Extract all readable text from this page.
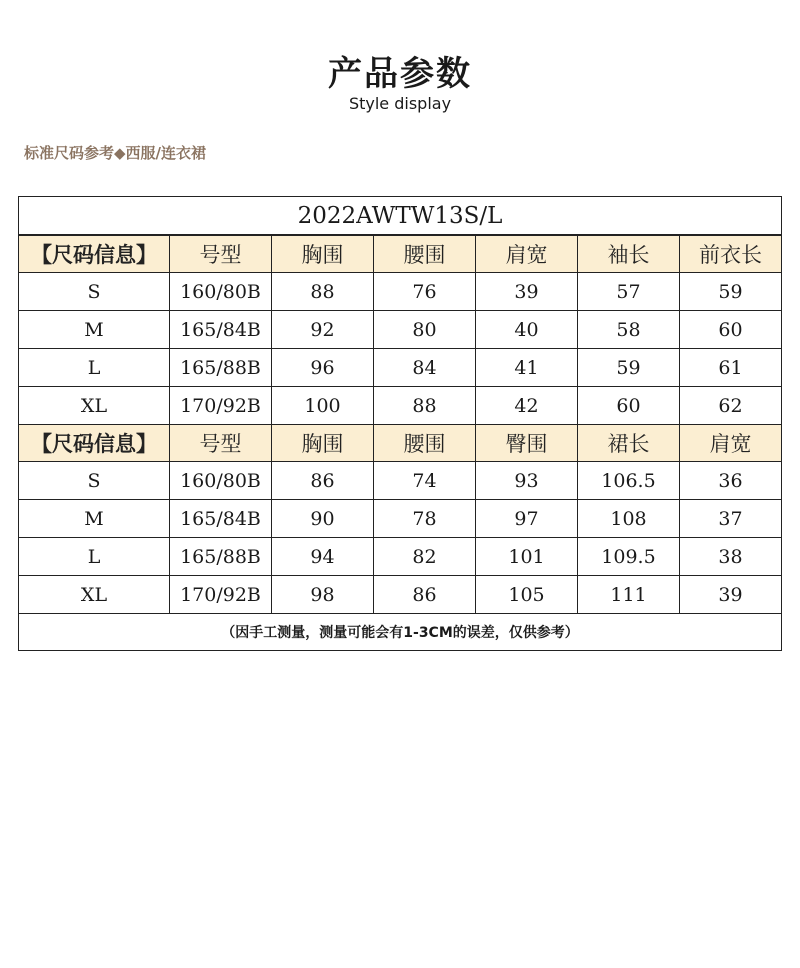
产品参数
Style display
标准尺码参考◆西服/连衣裙
2022AWTW13S/L						
【尺码信息】	号型	胸围	腰围	肩宽	袖长	前衣长
S	160/80B	88	76	39	57	59
M	165/84B	92	80	40	58	60
L	165/88B	96	84	41	59	61
XL	170/92B	100	88	42	60	62
【尺码信息】	号型	胸围	腰围	臀围	裙长	肩宽
S	160/80B	86	74	93	106.5	36
M	165/84B	90	78	97	108	37
L	165/88B	94	82	101	109.5	38
XL	170/92B	98	86	105	111	39
（因手工测量，测量可能会有1-3CM的误差，仅供参考）						
